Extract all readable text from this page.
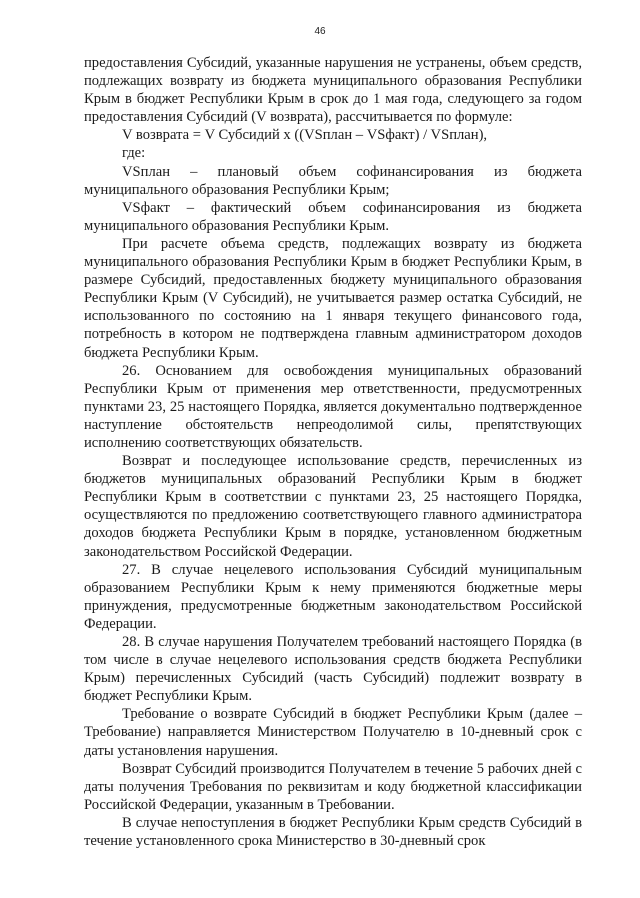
46

предоставления Субсидий, указанные нарушения не устранены, объем средств, подлежащих возврату из бюджета муниципального образования Республики Крым в бюджет Республики Крым в срок до 1 мая года, следующего за годом предоставления Субсидий (V возврата), рассчитывается по формуле:

V возврата = V Субсидий x ((VSплан – VSфакт) / VSплан),

где:

VSплан – плановый объем софинансирования из бюджета муниципального образования Республики Крым;

VSфакт – фактический объем софинансирования из бюджета муниципального образования Республики Крым.

При расчете объема средств, подлежащих возврату из бюджета муниципального образования Республики Крым в бюджет Республики Крым, в размере Субсидий, предоставленных бюджету муниципального образования Республики Крым (V Субсидий), не учитывается размер остатка Субсидий, не использованного по состоянию на 1 января текущего финансового года, потребность в котором не подтверждена главным администратором доходов бюджета Республики Крым.

26. Основанием для освобождения муниципальных образований Республики Крым от применения мер ответственности, предусмотренных пунктами 23, 25 настоящего Порядка, является документально подтвержденное наступление обстоятельств непреодолимой силы, препятствующих исполнению соответствующих обязательств.

Возврат и последующее использование средств, перечисленных из бюджетов муниципальных образований Республики Крым в бюджет Республики Крым в соответствии с пунктами 23, 25 настоящего Порядка, осуществляются по предложению соответствующего главного администратора доходов бюджета Республики Крым в порядке, установленном бюджетным законодательством Российской Федерации.

27. В случае нецелевого использования Субсидий муниципальным образованием Республики Крым к нему применяются бюджетные меры принуждения, предусмотренные бюджетным законодательством Российской Федерации.

28. В случае нарушения Получателем требований настоящего Порядка (в том числе в случае нецелевого использования средств бюджета Республики Крым) перечисленных Субсидий (часть Субсидий) подлежит возврату в бюджет Республики Крым.

Требование о возврате Субсидий в бюджет Республики Крым (далее – Требование) направляется Министерством Получателю в 10-дневный срок с даты установления нарушения.

Возврат Субсидий производится Получателем в течение 5 рабочих дней с даты получения Требования по реквизитам и коду бюджетной классификации Российской Федерации, указанным в Требовании.

В случае непоступления в бюджет Республики Крым средств Субсидий в течение установленного срока Министерство в 30-дневный срок
